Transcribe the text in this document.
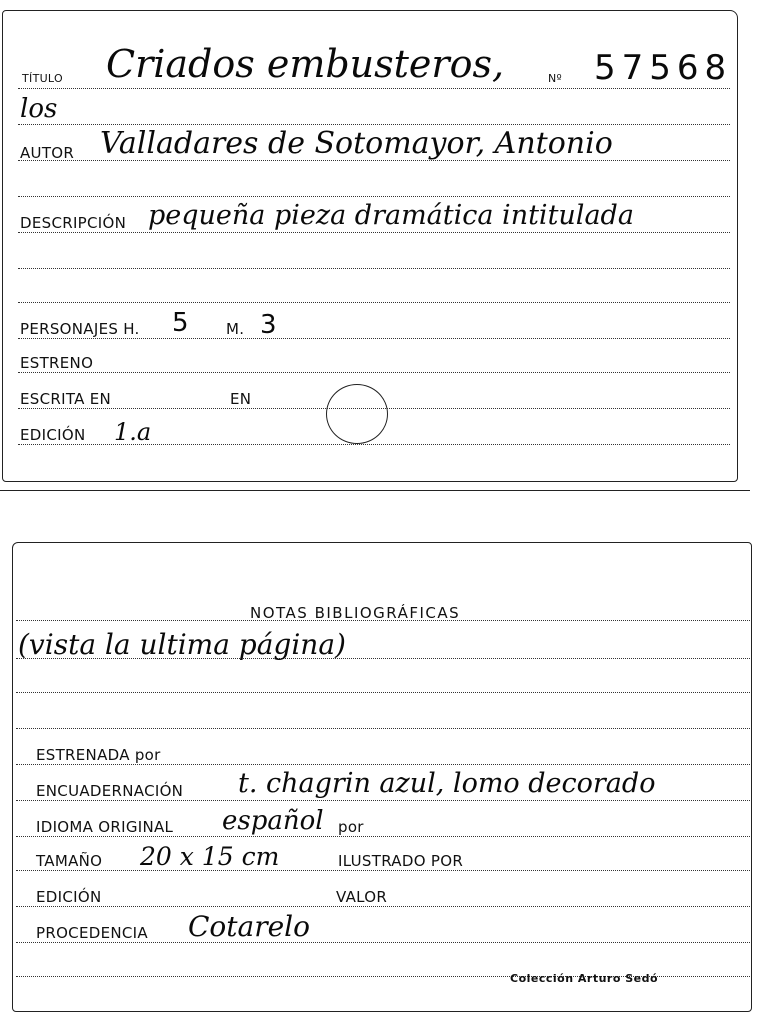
TÍTULO Criados embusteros,	Nº 57568
los
AUTOR Valladares de Sotomayor, Antonio
DESCRIPCIÓN pequeña pieza dramática intitulada
PERSONAJES H. 5 M. 3
ESTRENO
ESCRITA EN	EN
EDICIÓN 1.a
NOTAS BIBLIOGRÁFICAS
(vista la ultima página)
ESTRENADA por
ENCUADERNACIÓN t. chagrin azul, lomo decorado
IDIOMA ORIGINAL español por
TAMAÑO 20 x 15 cm	ILUSTRADO POR
EDICIÓN	VALOR
PROCEDENCIA Cotarelo
Colección Arturo Sedó
